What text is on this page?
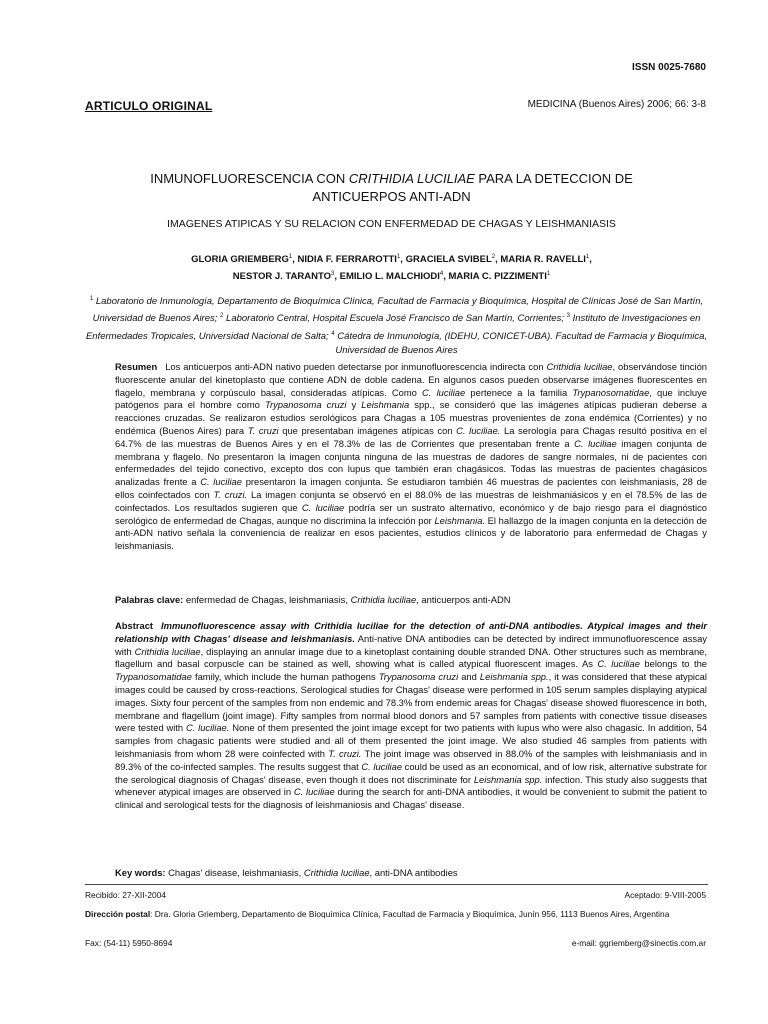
ISSN 0025-7680
ARTICULO ORIGINAL	MEDICINA (Buenos Aires) 2006; 66: 3-8
INMUNOFLUORESCENCIA CON CRITHIDIA LUCILIAE PARA LA DETECCION DE
ANTICUERPOS ANTI-ADN
IMAGENES ATIPICAS Y SU RELACION CON ENFERMEDAD DE CHAGAS Y LEISHMANIASIS
GLORIA GRIEMBERG$^1$, NIDIA F. FERRAROTTI$^1$, GRACIELA SVIBEL$^2$, MARIA R. RAVELLI$^1$,
NESTOR J. TARANTO$^3$, EMILIO L. MALCHIODI$^4$, MARIA C. PIZZIMENTI$^1$
$^1$ Laboratorio de Inmunología, Departamento de Bioquímica Clínica, Facultad de Farmacia y Bioquímica, Hospital de Clínicas José de San Martín, Universidad de Buenos Aires; $^2$ Laboratorio Central, Hospital Escuela José Francisco de San Martín, Corrientes; $^3$ Instituto de Investigaciones en Enfermedades Tropicales, Universidad Nacional de Salta; $^4$ Cátedra de Inmunología, (IDEHU, CONICET-UBA). Facultad de Farmacia y Bioquímica, Universidad de Buenos Aires
Resumen Los anticuerpos anti-ADN nativo pueden detectarse por inmunofluorescencia indirecta con Crithidia luciliae, observándose tinción fluorescente anular del kinetoplasto que contiene ADN de doble cadena. En algunos casos pueden observarse imágenes fluorescentes en flagelo, membrana y corpúsculo basal, consideradas atípicas. Como C. luciliae pertenece a la familia Trypanosomatidae, que incluye patógenos para el hombre como Trypanosoma cruzi y Leishmania spp., se consideró que las imágenes atípicas pudieran deberse a reacciones cruzadas. Se realizaron estudios serológicos para Chagas a 105 muestras provenientes de zona endémica (Corrientes) y no endémica (Buenos Aires) para T. cruzi que presentaban imágenes atípicas con C. luciliae. La serología para Chagas resultó positiva en el 64.7% de las muestras de Buenos Aires y en el 78.3% de las de Corrientes que presentaban frente a C. luciliae imagen conjunta de membrana y flagelo. No presentaron la imagen conjunta ninguna de las muestras de dadores de sangre normales, ni de pacientes con enfermedades del tejido conectivo, excepto dos con lupus que también eran chagásicos. Todas las muestras de pacientes chagásicos analizadas frente a C. luciliae presentaron la imagen conjunta. Se estudiaron también 46 muestras de pacientes con leishmaniasis, 28 de ellos coinfectados con T. cruzi. La imagen conjunta se observó en el 88.0% de las muestras de leishmaniásicos y en el 78.5% de las de coinfectados. Los resultados sugieren que C. luciliae podría ser un sustrato alternativo, económico y de bajo riesgo para el diagnóstico serológico de enfermedad de Chagas, aunque no discrimina la infección por Leishmania. El hallazgo de la imagen conjunta en la detección de anti-ADN nativo señala la conveniencia de realizar en esos pacientes, estudios clínicos y de laboratorio para enfermedad de Chagas y leishmaniasis.
Palabras clave: enfermedad de Chagas, leishmaniasis, Crithidia luciliae, anticuerpos anti-ADN
Abstract Immunofluorescence assay with Crithidia luciliae for the detection of anti-DNA antibodies. Atypical images and their relationship with Chagas' disease and leishmaniasis. Anti-native DNA antibodies can be detected by indirect immunofluorescence assay with Crithidia luciliae, displaying an annular image due to a kinetoplast containing double stranded DNA. Other structures such as membrane, flagellum and basal corpuscle can be stained as well, showing what is called atypical fluorescent images. As C. luciliae belongs to the Trypanosomatidae family, which include the human pathogens Trypanosoma cruzi and Leishmania spp., it was considered that these atypical images could be caused by cross-reactions. Serological studies for Chagas' disease were performed in 105 serum samples displaying atypical images. Sixty four percent of the samples from non endemic and 78.3% from endemic areas for Chagas' disease showed fluorescence in both, membrane and flagellum (joint image). Fifty samples from normal blood donors and 57 samples from patients with conective tissue diseases were tested with C. luciliae. None of them presented the joint image except for two patients with lupus who were also chagasic. In addition, 54 samples from chagasic patients were studied and all of them presented the joint image. We also studied 46 samples from patients with leishmaniasis from whom 28 were coinfected with T. cruzi. The joint image was observed in 88.0% of the samples with leishmaniasis and in 89.3% of the co-infected samples. The results suggest that C. luciliae could be used as an economical, and of low risk, alternative substrate for the serological diagnosis of Chagas' disease, even though it does not discriminate for Leishmania spp. infection. This study also suggests that whenever atypical images are observed in C. luciliae during the search for anti-DNA antibodies, it would be convenient to submit the patient to clinical and serological tests for the diagnosis of leishmaniosis and Chagas' disease.
Key words: Chagas' disease, leishmaniasis, Crithidia luciliae, anti-DNA antibodies
Recibido: 27-XII-2004	Aceptado: 9-VIII-2005
Dirección postal: Dra. Gloria Griemberg, Departamento de Bioquímica Clínica, Facultad de Farmacia y Bioquímica, Junín 956, 1113 Buenos Aires, Argentina
Fax: (54-11) 5950-8694	e-mail: ggriemberg@sinectis.com.ar
